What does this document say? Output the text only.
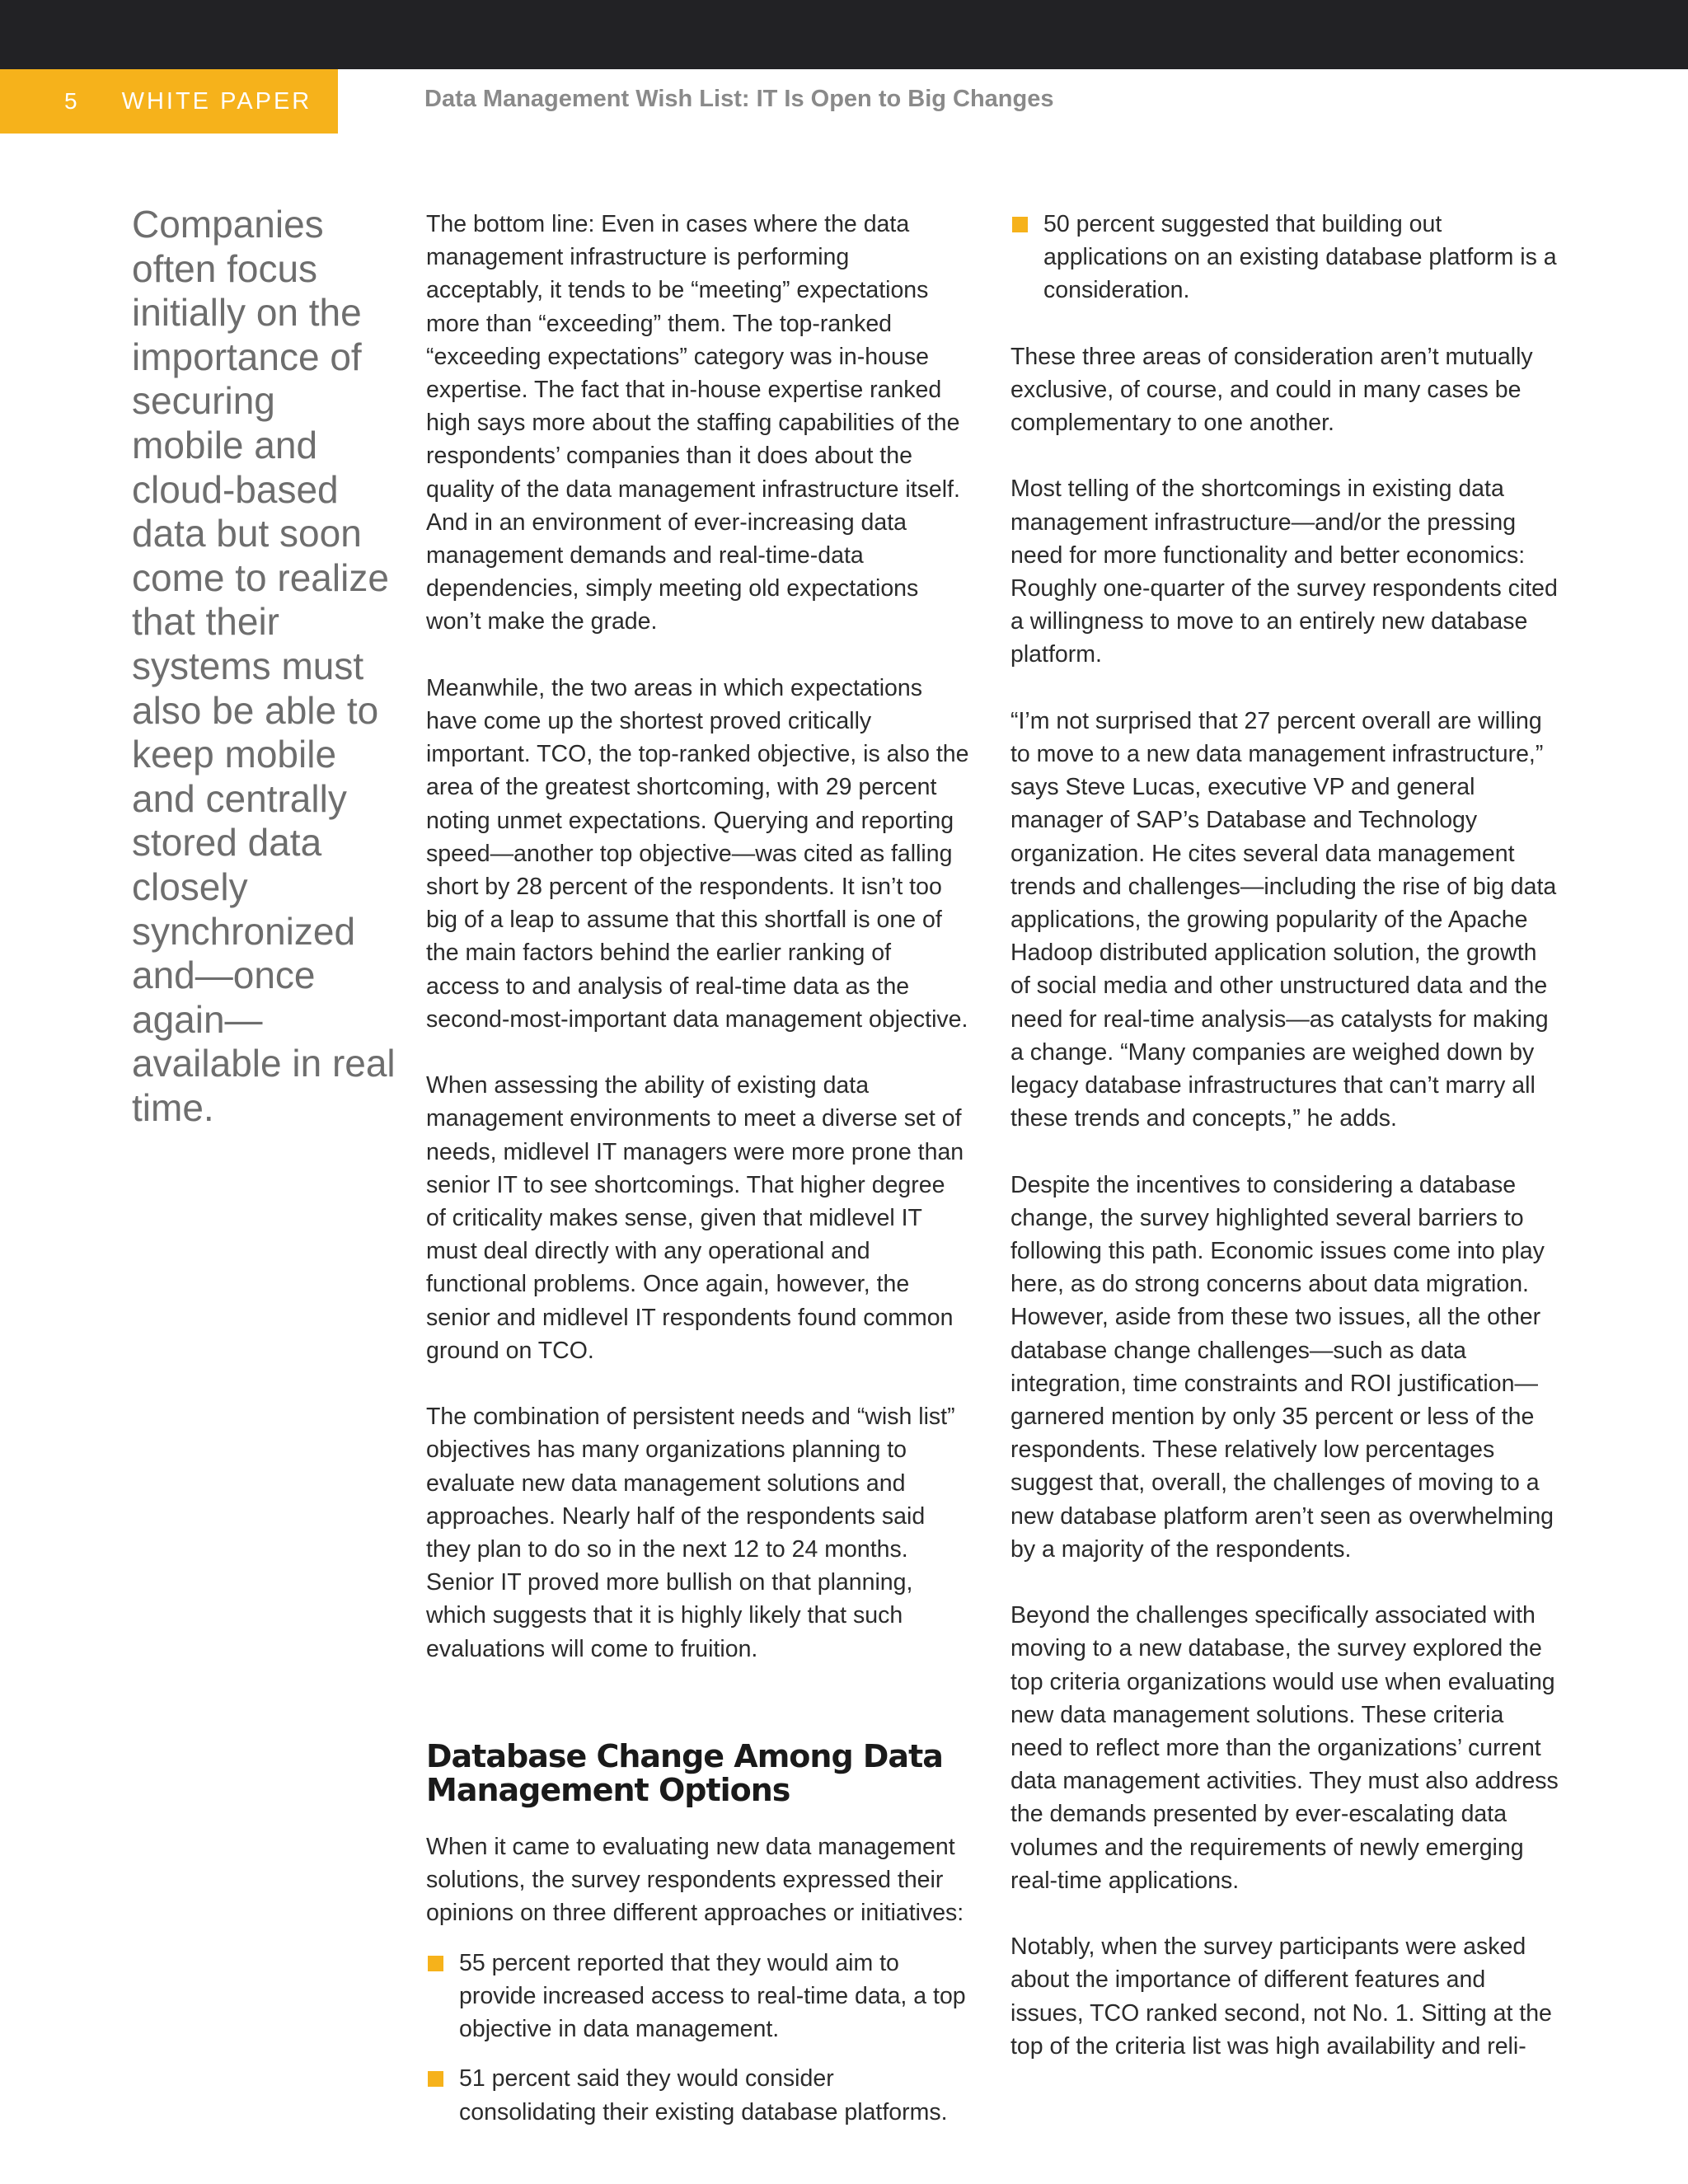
5 WHITE PAPER	Data Management Wish List: IT Is Open to Big Changes
Companies often focus initially on the importance of securing mobile and cloud-based data but soon come to realize that their systems must also be able to keep mobile and centrally stored data closely synchronized and—once again—available in real time.

The bottom line: Even in cases where the data management infrastructure is performing acceptably, it tends to be “meeting” expectations more than “exceeding” them. The top-ranked “exceeding expectations” category was in-house expertise. The fact that in-house expertise ranked high says more about the staffing capabilities of the respondents’ companies than it does about the quality of the data management infrastructure itself. And in an environment of ever-increasing data management demands and real-time-data dependencies, simply meeting old expectations won’t make the grade.

Meanwhile, the two areas in which expectations have come up the shortest proved critically important. TCO, the top-ranked objective, is also the area of the greatest shortcoming, with 29 percent noting unmet expectations. Querying and reporting speed—another top objective—was cited as falling short by 28 percent of the respondents. It isn’t too big of a leap to assume that this shortfall is one of the main factors behind the earlier ranking of access to and analysis of real-time data as the second-most-important data management objective.

When assessing the ability of existing data management environments to meet a diverse set of needs, midlevel IT managers were more prone than senior IT to see shortcomings. That higher degree of criticality makes sense, given that midlevel IT must deal directly with any operational and functional problems. Once again, however, the senior and midlevel IT respondents found common ground on TCO.

The combination of persistent needs and “wish list” objectives has many organizations planning to evaluate new data management solutions and approaches. Nearly half of the respondents said they plan to do so in the next 12 to 24 months. Senior IT proved more bullish on that planning, which suggests that it is highly likely that such evaluations will come to fruition.

Database Change Among Data Management Options

When it came to evaluating new data management solutions, the survey respondents expressed their opinions on three different approaches or initiatives:

55 percent reported that they would aim to provide increased access to real-time data, a top objective in data management.
51 percent said they would consider consolidating their existing database platforms.
50 percent suggested that building out applications on an existing database platform is a consideration.

These three areas of consideration aren’t mutually exclusive, of course, and could in many cases be complementary to one another.

Most telling of the shortcomings in existing data management infrastructure—and/or the pressing need for more functionality and better economics: Roughly one-quarter of the survey respondents cited a willingness to move to an entirely new database platform.

“I’m not surprised that 27 percent overall are willing to move to a new data management infrastructure,” says Steve Lucas, executive VP and general manager of SAP’s Database and Technology organization. He cites several data management trends and challenges—including the rise of big data applications, the growing popularity of the Apache Hadoop distributed application solution, the growth of social media and other unstructured data and the need for real-time analysis—as catalysts for making a change. “Many companies are weighed down by legacy database infrastructures that can’t marry all these trends and concepts,” he adds.

Despite the incentives to considering a database change, the survey highlighted several barriers to following this path. Economic issues come into play here, as do strong concerns about data migration. However, aside from these two issues, all the other database change challenges—such as data integration, time constraints and ROI justification—garnered mention by only 35 percent or less of the respondents. These relatively low percentages suggest that, overall, the challenges of moving to a new database platform aren’t seen as overwhelming by a majority of the respondents.

Beyond the challenges specifically associated with moving to a new database, the survey explored the top criteria organizations would use when evaluating new data management solutions. These criteria need to reflect more than the organizations’ current data management activities. They must also address the demands presented by ever-escalating data volumes and the requirements of newly emerging real-time applications.

Notably, when the survey participants were asked about the importance of different features and issues, TCO ranked second, not No. 1. Sitting at the top of the criteria list was high availability and reli-
